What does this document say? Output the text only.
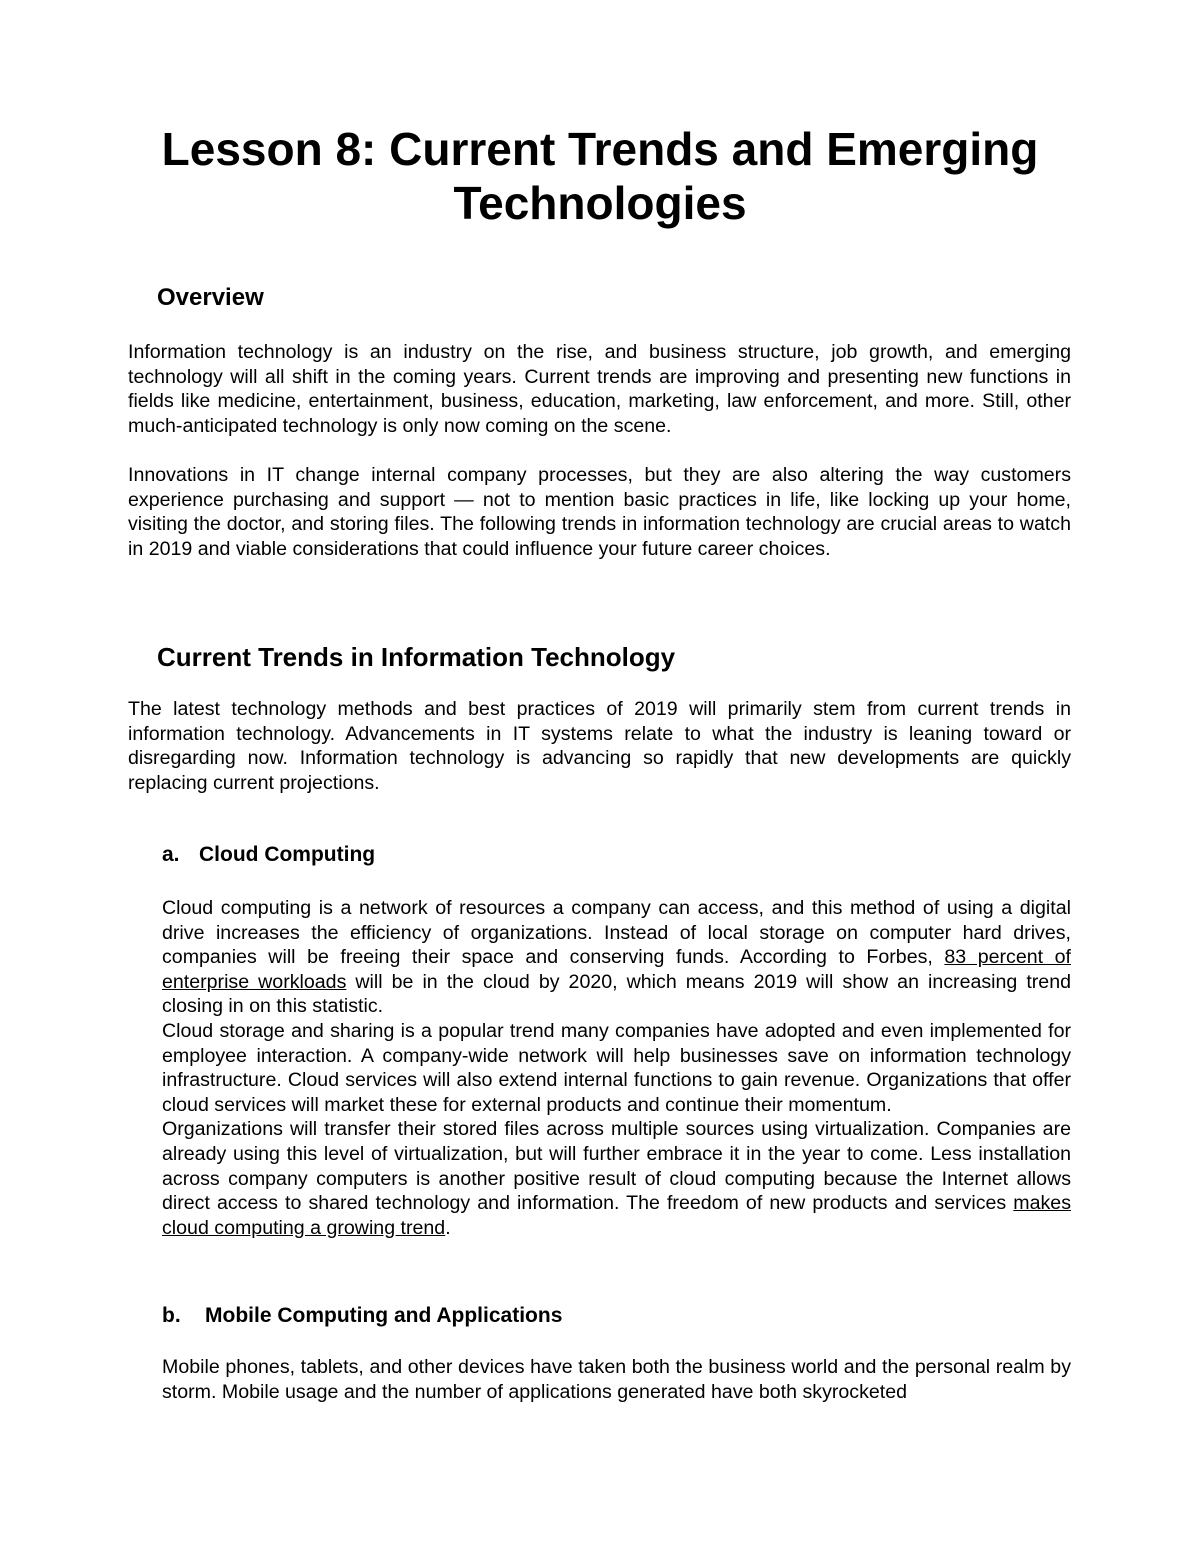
Lesson 8: Current Trends and Emerging Technologies
Overview

Information technology is an industry on the rise, and business structure, job growth, and emerging technology will all shift in the coming years. Current trends are improving and presenting new functions in fields like medicine, entertainment, business, education, marketing, law enforcement, and more. Still, other much-anticipated technology is only now coming on the scene.

Innovations in IT change internal company processes, but they are also altering the way customers experience purchasing and support — not to mention basic practices in life, like locking up your home, visiting the doctor, and storing files. The following trends in information technology are crucial areas to watch in 2019 and viable considerations that could influence your future career choices.

Current Trends in Information Technology

The latest technology methods and best practices of 2019 will primarily stem from current trends in information technology. Advancements in IT systems relate to what the industry is leaning toward or disregarding now. Information technology is advancing so rapidly that new developments are quickly replacing current projections.

a. Cloud Computing
Cloud computing is a network of resources a company can access, and this method of using a digital drive increases the efficiency of organizations. Instead of local storage on computer hard drives, companies will be freeing their space and conserving funds. According to Forbes, 83 percent of enterprise workloads will be in the cloud by 2020, which means 2019 will show an increasing trend closing in on this statistic.
Cloud storage and sharing is a popular trend many companies have adopted and even implemented for employee interaction. A company-wide network will help businesses save on information technology infrastructure. Cloud services will also extend internal functions to gain revenue. Organizations that offer cloud services will market these for external products and continue their momentum.
Organizations will transfer their stored files across multiple sources using virtualization. Companies are already using this level of virtualization, but will further embrace it in the year to come. Less installation across company computers is another positive result of cloud computing because the Internet allows direct access to shared technology and information. The freedom of new products and services makes cloud computing a growing trend.
b. Mobile Computing and Applications

Mobile phones, tablets, and other devices have taken both the business world and the personal realm by storm. Mobile usage and the number of applications generated have both skyrocketed
